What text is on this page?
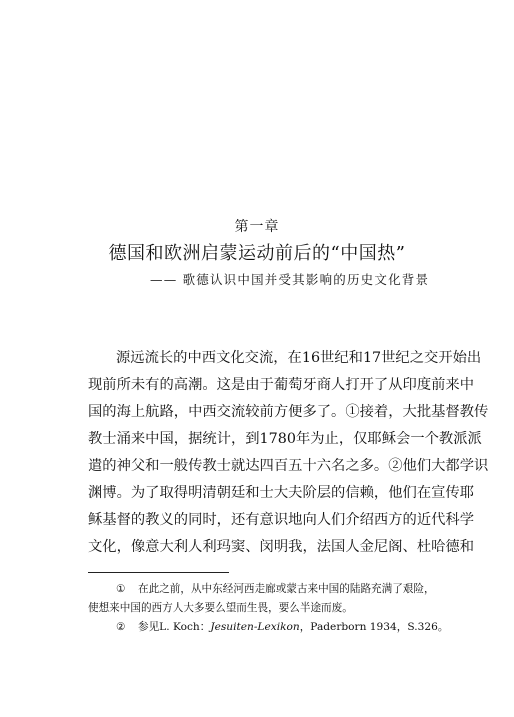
第一章
德国和欧洲启蒙运动前后的“中国热”
—— 歌德认识中国并受其影响的历史文化背景
源远流长的中西文化交流，在16世纪和17世纪之交开始出
现前所未有的高潮。这是由于葡萄牙商人打开了从印度前来中
国的海上航路，中西交流较前方便多了。①接着，大批基督教传
教士涌来中国，据统计，到1780年为止，仅耶稣会一个教派派
遣的神父和一般传教士就达四百五十六名之多。②他们大都学识
渊博。为了取得明清朝廷和士大夫阶层的信赖，他们在宣传耶
稣基督的教义的同时，还有意识地向人们介绍西方的近代科学
文化，像意大利人利玛窦、闵明我，法国人金尼阁、杜哈德和
① 在此之前，从中东经河西走廊或蒙古来中国的陆路充满了艰险，
使想来中国的西方人大多要么望而生畏，要么半途而废。
② 参见L. Koch：Jesuiten-Lexikon，Paderborn 1934，S.326。
